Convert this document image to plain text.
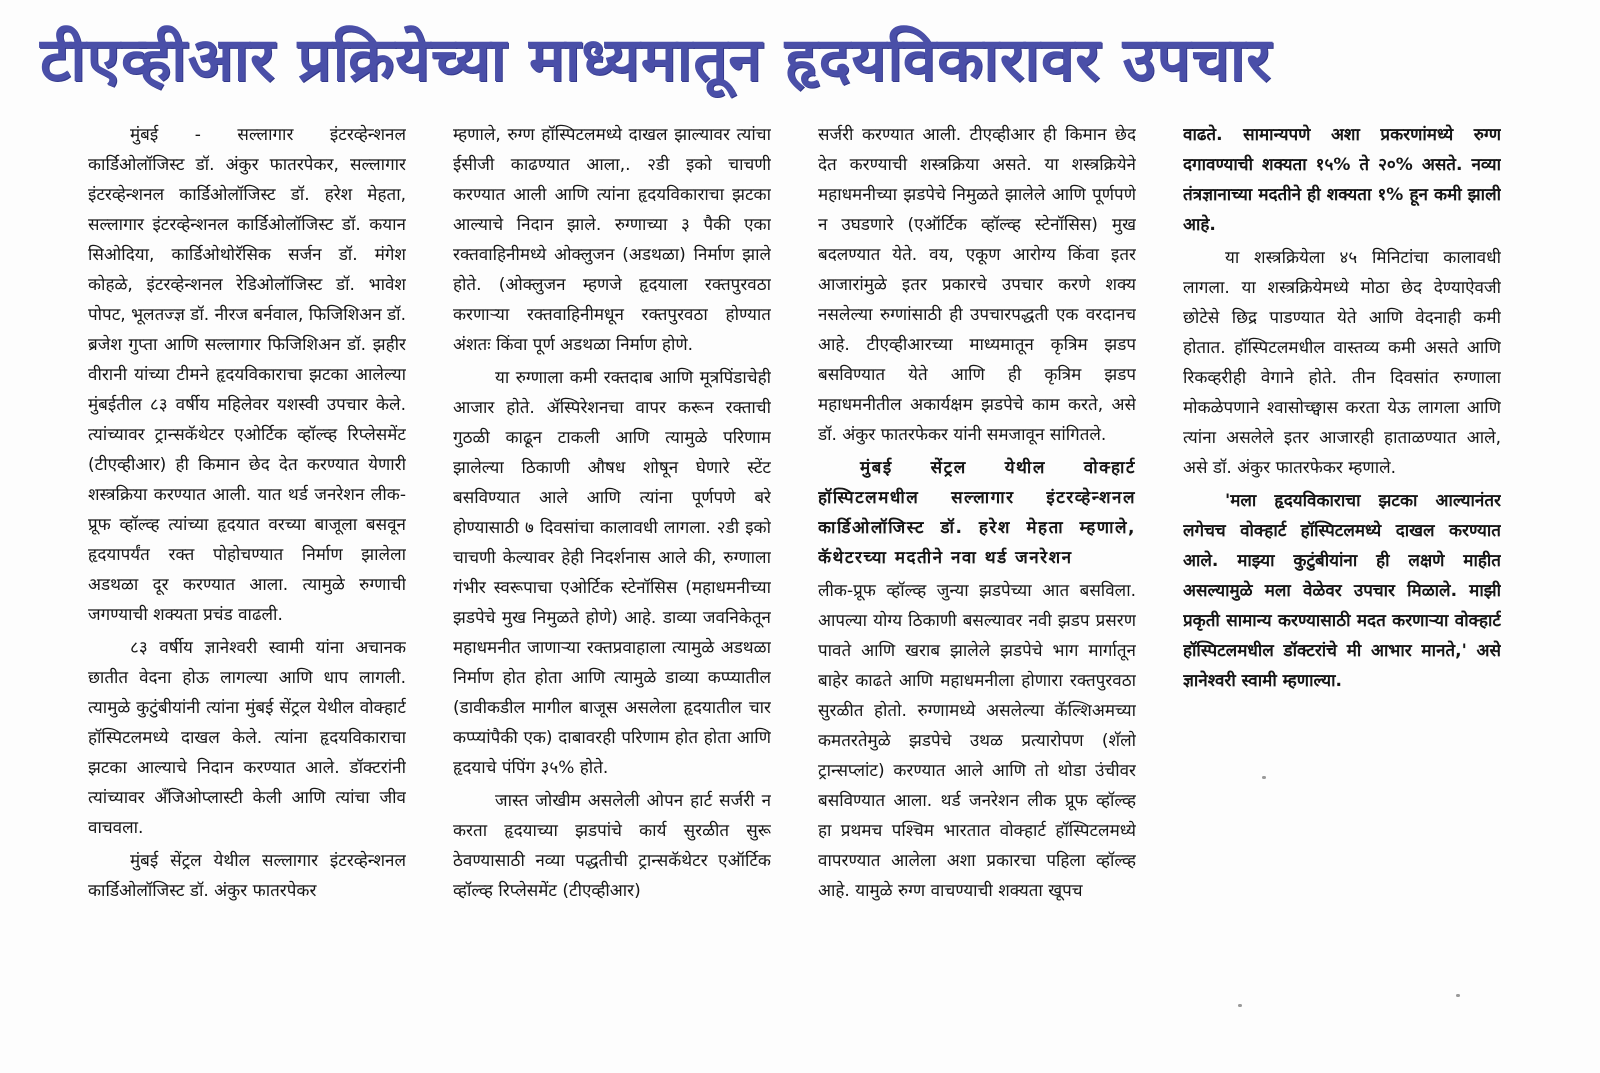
टीएव्हीआर प्रक्रियेच्या माध्यमातून हृदयविकारावर उपचार

मुंबई - सल्लागार इंटरव्हेन्शनल कार्डिओलॉजिस्ट डॉ. अंकुर फातरपेकर, सल्लागार इंटरव्हेन्शनल कार्डिओलॉजिस्ट डॉ. हरेश मेहता, सल्लागार इंटरव्हेन्शनल कार्डिओलॉजिस्ट डॉ. कयान सिओदिया, कार्डिओथोरॅसिक सर्जन डॉ. मंगेश कोहळे, इंटरव्हेन्शनल रेडिओलॉजिस्ट डॉ. भावेश पोपट, भूलतज्ज्ञ डॉ. नीरज बर्नवाल, फिजिशिअन डॉ. ब्रजेश गुप्ता आणि सल्लागार फिजिशिअन डॉ. झहीर वीरानी यांच्या टीमने हृदयविकाराचा झटका आलेल्या मुंबईतील ८३ वर्षीय महिलेवर यशस्वी उपचार केले. त्यांच्यावर ट्रान्सकॅथेटर एओर्टिक व्हॉल्व्ह रिप्लेसमेंट (टीएव्हीआर) ही किमान छेद देत करण्यात येणारी शस्त्रक्रिया करण्यात आली. यात थर्ड जनरेशन लीक-प्रूफ व्हॉल्व्ह त्यांच्या हृदयात वरच्या बाजूला बसवून हृदयापर्यंत रक्त पोहोचण्यात निर्माण झालेला अडथळा दूर करण्यात आला. त्यामुळे रुग्णाची जगण्याची शक्यता प्रचंड वाढली.

८३ वर्षीय ज्ञानेश्वरी स्वामी यांना अचानक छातीत वेदना होऊ लागल्या आणि धाप लागली. त्यामुळे कुटुंबीयांनी त्यांना मुंबई सेंट्रल येथील वोक्हार्ट हॉस्पिटलमध्ये दाखल केले. त्यांना हृदयविकाराचा झटका आल्याचे निदान करण्यात आले. डॉक्टरांनी त्यांच्यावर अँजिओप्लास्टी केली आणि त्यांचा जीव वाचवला.

मुंबई सेंट्रल येथील सल्लागार इंटरव्हेन्शनल कार्डिओलॉजिस्ट डॉ. अंकुर फातरपेकर

म्हणाले, रुग्ण हॉस्पिटलमध्ये दाखल झाल्यावर त्यांचा ईसीजी काढण्यात आला,. २डी इको चाचणी करण्यात आली आणि त्यांना हृदयविकाराचा झटका आल्याचे निदान झाले. रुग्णाच्या ३ पैकी एका रक्तवाहिनीमध्ये ओक्लुजन (अडथळा) निर्माण झाले होते. (ओक्लुजन म्हणजे हृदयाला रक्तपुरवठा करणाऱ्या रक्तवाहिनीमधून रक्तपुरवठा होण्यात अंशतः किंवा पूर्ण अडथळा निर्माण होणे.

या रुग्णाला कमी रक्तदाब आणि मूत्रपिंडाचेही आजार होते. ॲस्पिरेशनचा वापर करून रक्ताची गुठळी काढून टाकली आणि त्यामुळे परिणाम झालेल्या ठिकाणी औषध शोषून घेणारे स्टेंट बसविण्यात आले आणि त्यांना पूर्णपणे बरे होण्यासाठी ७ दिवसांचा कालावधी लागला. २डी इको चाचणी केल्यावर हेही निदर्शनास आले की, रुग्णाला गंभीर स्वरूपाचा एओर्टिक स्टेनॉसिस (महाधमनीच्या झडपेचे मुख निमुळते होणे) आहे. डाव्या जवनिकेतून महाधमनीत जाणाऱ्या रक्तप्रवाहाला त्यामुळे अडथळा निर्माण होत होता आणि त्यामुळे डाव्या कप्प्यातील (डावीकडील मागील बाजूस असलेला हृदयातील चार कप्प्यांपैकी एक) दाबावरही परिणाम होत होता आणि हृदयाचे पंपिंग ३५% होते.

जास्त जोखीम असलेली ओपन हार्ट सर्जरी न करता हृदयाच्या झडपांचे कार्य सुरळीत सुरू ठेवण्यासाठी नव्या पद्धतीची ट्रान्सकॅथेटर एऑर्टिक व्हॉल्व्ह रिप्लेसमेंट (टीएव्हीआर)

सर्जरी करण्यात आली. टीएव्हीआर ही किमान छेद देत करण्याची शस्त्रक्रिया असते. या शस्त्रक्रियेने महाधमनीच्या झडपेचे निमुळते झालेले आणि पूर्णपणे न उघडणारे (एऑर्टिक व्हॉल्व्ह स्टेनॉसिस) मुख बदलण्यात येते. वय, एकूण आरोग्य किंवा इतर आजारांमुळे इतर प्रकारचे उपचार करणे शक्य नसलेल्या रुग्णांसाठी ही उपचारपद्धती एक वरदानच आहे. टीएव्हीआरच्या माध्यमातून कृत्रिम झडप बसविण्यात येते आणि ही कृत्रिम झडप महाधमनीतील अकार्यक्षम झडपेचे काम करते, असे डॉ. अंकुर फातरफेकर यांनी समजावून सांगितले.

मुंबई सेंट्रल येथील वोक्हार्ट हॉस्पिटलमधील सल्लागार इंटरव्हेन्शनल कार्डिओलॉजिस्ट डॉ. हरेश मेहता म्हणाले, कॅथेटरच्या मदतीने नवा थर्ड जनरेशन

लीक-प्रूफ व्हॉल्व्ह जुन्या झडपेच्या आत बसविला. आपल्या योग्य ठिकाणी बसल्यावर नवी झडप प्रसरण पावते आणि खराब झालेले झडपेचे भाग मार्गातून बाहेर काढते आणि महाधमनीला होणारा रक्तपुरवठा सुरळीत होतो. रुग्णामध्ये असलेल्या कॅल्शिअमच्या कमतरतेमुळे झडपेचे उथळ प्रत्यारोपण (शॅलो ट्रान्सप्लांट) करण्यात आले आणि तो थोडा उंचीवर बसविण्यात आला. थर्ड जनरेशन लीक प्रूफ व्हॉल्व्ह हा प्रथमच पश्चिम भारतात वोक्हार्ट हॉस्पिटलमध्ये वापरण्यात आलेला अशा प्रकारचा पहिला व्हॉल्व्ह आहे. यामुळे रुग्ण वाचण्याची शक्यता खूपच

वाढते. सामान्यपणे अशा प्रकरणांमध्ये रुग्ण दगावण्याची शक्यता १५% ते २०% असते. नव्या तंत्रज्ञानाच्या मदतीने ही शक्यता १% हून कमी झाली आहे.

या शस्त्रक्रियेला ४५ मिनिटांचा कालावधी लागला. या शस्त्रक्रियेमध्ये मोठा छेद देण्याऐवजी छोटेसे छिद्र पाडण्यात येते आणि वेदनाही कमी होतात. हॉस्पिटलमधील वास्तव्य कमी असते आणि रिकव्हरीही वेगाने होते. तीन दिवसांत रुग्णाला मोकळेपणाने श्वासोच्छ्वास करता येऊ लागला आणि त्यांना असलेले इतर आजारही हाताळण्यात आले, असे डॉ. अंकुर फातरफेकर म्हणाले.

'मला हृदयविकाराचा झटका आल्यानंतर लगेचच वोक्हार्ट हॉस्पिटलमध्ये दाखल करण्यात आले. माझ्या कुटुंबीयांना ही लक्षणे माहीत असल्यामुळे मला वेळेवर उपचार मिळाले. माझी प्रकृती सामान्य करण्यासाठी मदत करणाऱ्या वोक्हार्ट हॉस्पिटलमधील डॉक्टरांचे मी आभार मानते,' असे ज्ञानेश्वरी स्वामी म्हणाल्या.
